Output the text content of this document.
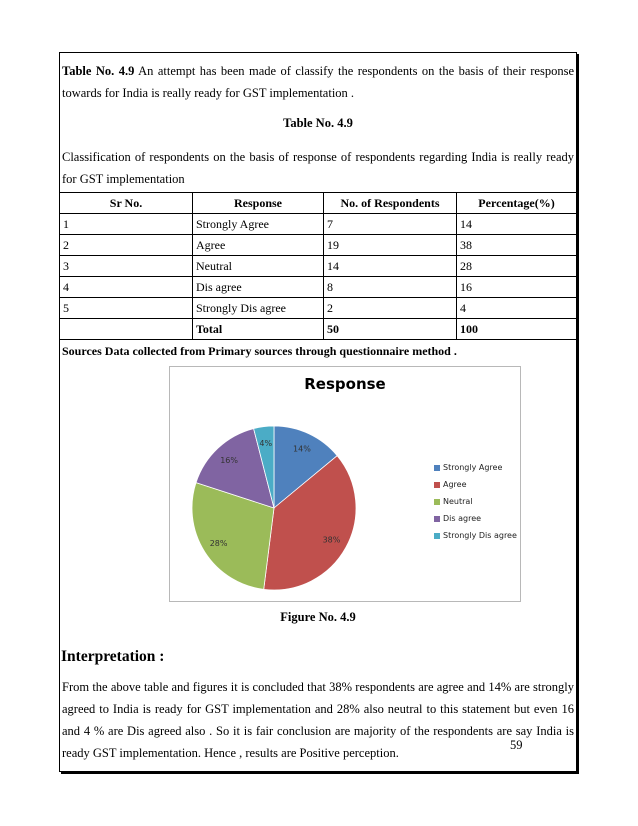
Table No. 4.9 An attempt has been made of classify the respondents on the basis of their response towards for India is really ready for GST implementation .
Table No. 4.9
Classification of respondents on the basis of response of respondents regarding India is really ready for GST implementation
Sr No.	Response	No. of Respondents	Percentage(%)
1	Strongly Agree	7	14
2	Agree	19	38
3	Neutral	14	28
4	Dis agree	8	16
5	Strongly Dis agree	2	4
	Total	50	100
Sources Data collected from Primary sources through questionnaire method .
Response
14%
38%
28%
16%
4%
Strongly Agree
Agree
Neutral
Dis agree
Strongly Dis agree
Figure No. 4.9
Interpretation :
From the above table and figures it is concluded that 38% respondents are agree and 14% are strongly agreed to India is ready for GST implementation and 28% also neutral to this statement but even 16 and 4 % are Dis agreed also . So it is fair conclusion are majority of the respondents are say India is ready GST implementation. Hence , results are Positive perception.
59
